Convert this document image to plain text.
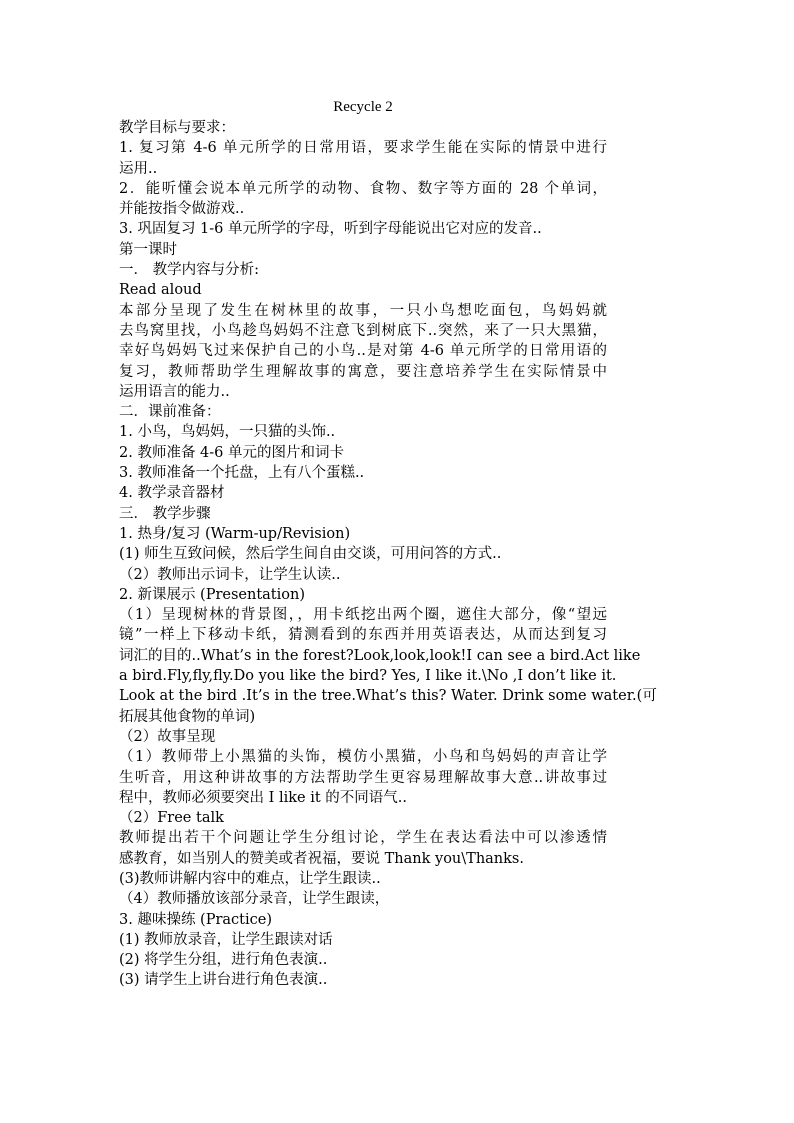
Recycle 2
教学目标与要求：
1. 复习第 4-6 单元所学的日常用语，要求学生能在实际的情景中进行
运用..
2．能听懂会说本单元所学的动物、食物、数字等方面的 28 个单词，
并能按指令做游戏..
3. 巩固复习 1-6 单元所学的字母，听到字母能说出它对应的发音..
第一课时
一． 教学内容与分析:
Read aloud
本部分呈现了发生在树林里的故事，一只小鸟想吃面包，鸟妈妈就
去鸟窝里找，小鸟趁鸟妈妈不注意飞到树底下..突然，来了一只大黑猫，
幸好鸟妈妈飞过来保护自己的小鸟..是对第 4-6 单元所学的日常用语的
复习，教师帮助学生理解故事的寓意，要注意培养学生在实际情景中
运用语言的能力..
二．课前准备：
1. 小鸟，鸟妈妈，一只猫的头饰..
2. 教师准备 4-6 单元的图片和词卡
3. 教师准备一个托盘，上有八个蛋糕..
4. 教学录音器材
三． 教学步骤
1. 热身/复习 (Warm-up/Revision)
(1) 师生互致问候，然后学生间自由交谈，可用问答的方式..
（2）教师出示词卡，让学生认读..
2. 新课展示 (Presentation)
（1）呈现树林的背景图，，用卡纸挖出两个圈，遮住大部分，像“望远
镜”一样上下移动卡纸，猜测看到的东西并用英语表达，从而达到复习
词汇的目的..What’s in the forest?Look,look,look!I can see a bird.Act like
a bird.Fly,fly,fly.Do you like the bird? Yes, I like it.\No ,I don’t like it.
Look at the bird .It’s in the tree.What’s this? Water. Drink some water.(可
拓展其他食物的单词)
（2）故事呈现
（1）教师带上小黑猫的头饰，模仿小黑猫，小鸟和鸟妈妈的声音让学
生听音，用这种讲故事的方法帮助学生更容易理解故事大意..讲故事过
程中，教师必须要突出 I like it 的不同语气..
（2）Free talk
教师提出若干个问题让学生分组讨论，学生在表达看法中可以渗透情
感教育，如当别人的赞美或者祝福，要说 Thank you\Thanks.
(3)教师讲解内容中的难点，让学生跟读..
（4）教师播放该部分录音，让学生跟读，
3. 趣味操练 (Practice)
(1) 教师放录音，让学生跟读对话
(2) 将学生分组，进行角色表演..
(3) 请学生上讲台进行角色表演..
